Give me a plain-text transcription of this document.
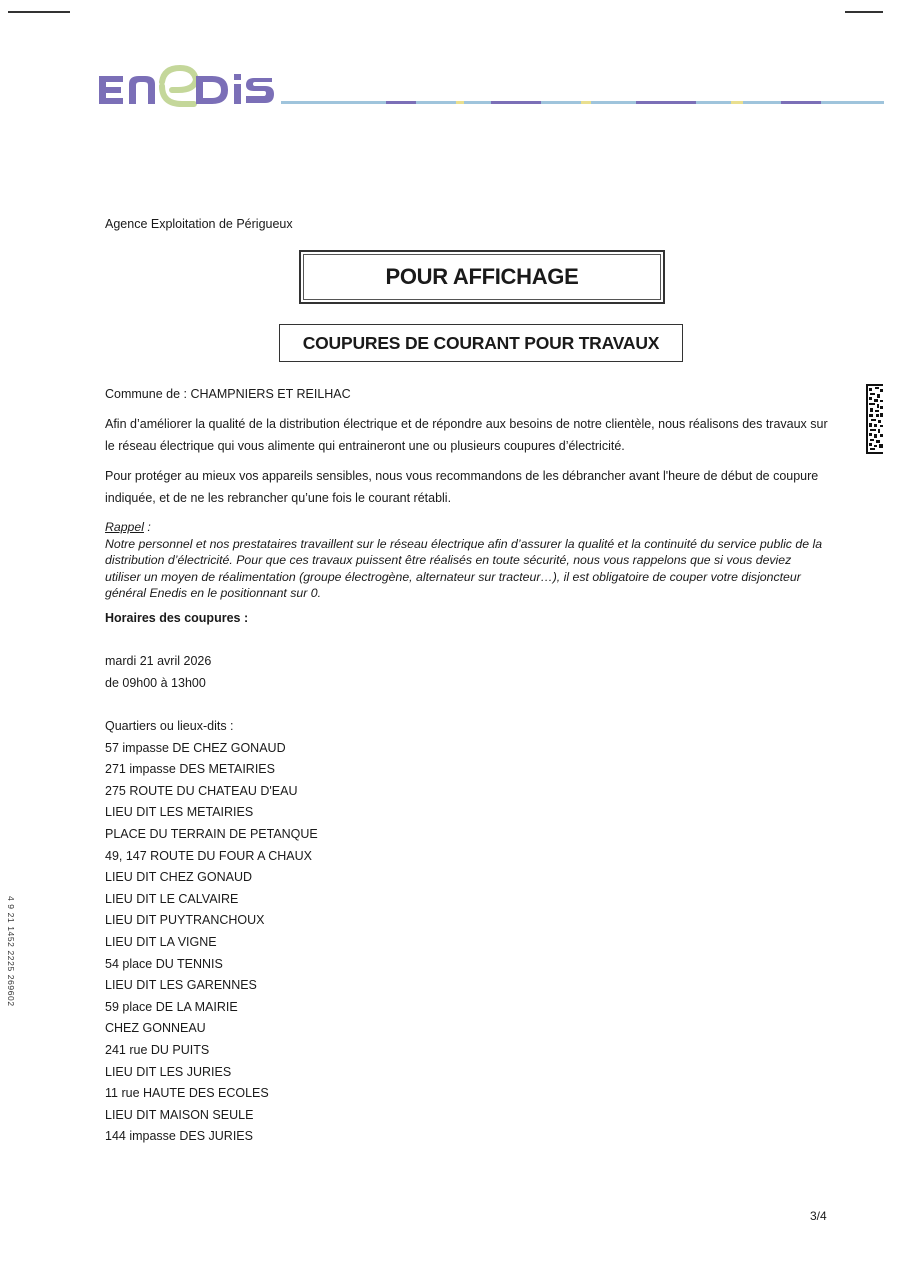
Agence Exploitation de Périgueux
POUR AFFICHAGE
COUPURES DE COURANT POUR TRAVAUX
Commune de : CHAMPNIERS ET REILHAC
Afin d’améliorer la qualité de la distribution électrique et de répondre aux besoins de notre clientèle, nous réalisons des travaux sur le réseau électrique qui vous alimente qui entraineront une ou plusieurs coupures d’électricité.
Pour protéger au mieux vos appareils sensibles, nous vous recommandons de les débrancher avant l'heure de début de coupure indiquée, et de ne les rebrancher qu’une fois le courant rétabli.
Rappel :
Notre personnel et nos prestataires travaillent sur le réseau électrique afin d’assurer la qualité et la continuité du service public de la distribution d’électricité. Pour que ces travaux puissent être réalisés en toute sécurité, nous vous rappelons que si vous deviez utiliser un moyen de réalimentation (groupe électrogène, alternateur sur tracteur…), il est obligatoire de couper votre disjoncteur général Enedis en le positionnant sur 0.
Horaires des coupures :
mardi 21 avril 2026
de 09h00 à 13h00
Quartiers ou lieux-dits :
57 impasse DE CHEZ GONAUD
271 impasse DES METAIRIES
275 ROUTE DU CHATEAU D'EAU
LIEU DIT LES METAIRIES
PLACE DU TERRAIN DE PETANQUE
49, 147 ROUTE DU FOUR A CHAUX
LIEU DIT CHEZ GONAUD
LIEU DIT LE CALVAIRE
LIEU DIT PUYTRANCHOUX
LIEU DIT LA VIGNE
54 place DU TENNIS
LIEU DIT LES GARENNES
59 place DE LA MAIRIE
CHEZ GONNEAU
241 rue DU PUITS
LIEU DIT LES JURIES
11 rue HAUTE DES ECOLES
LIEU DIT MAISON SEULE
144 impasse DES JURIES
4 9 21 1452 2225 269602
3/4
